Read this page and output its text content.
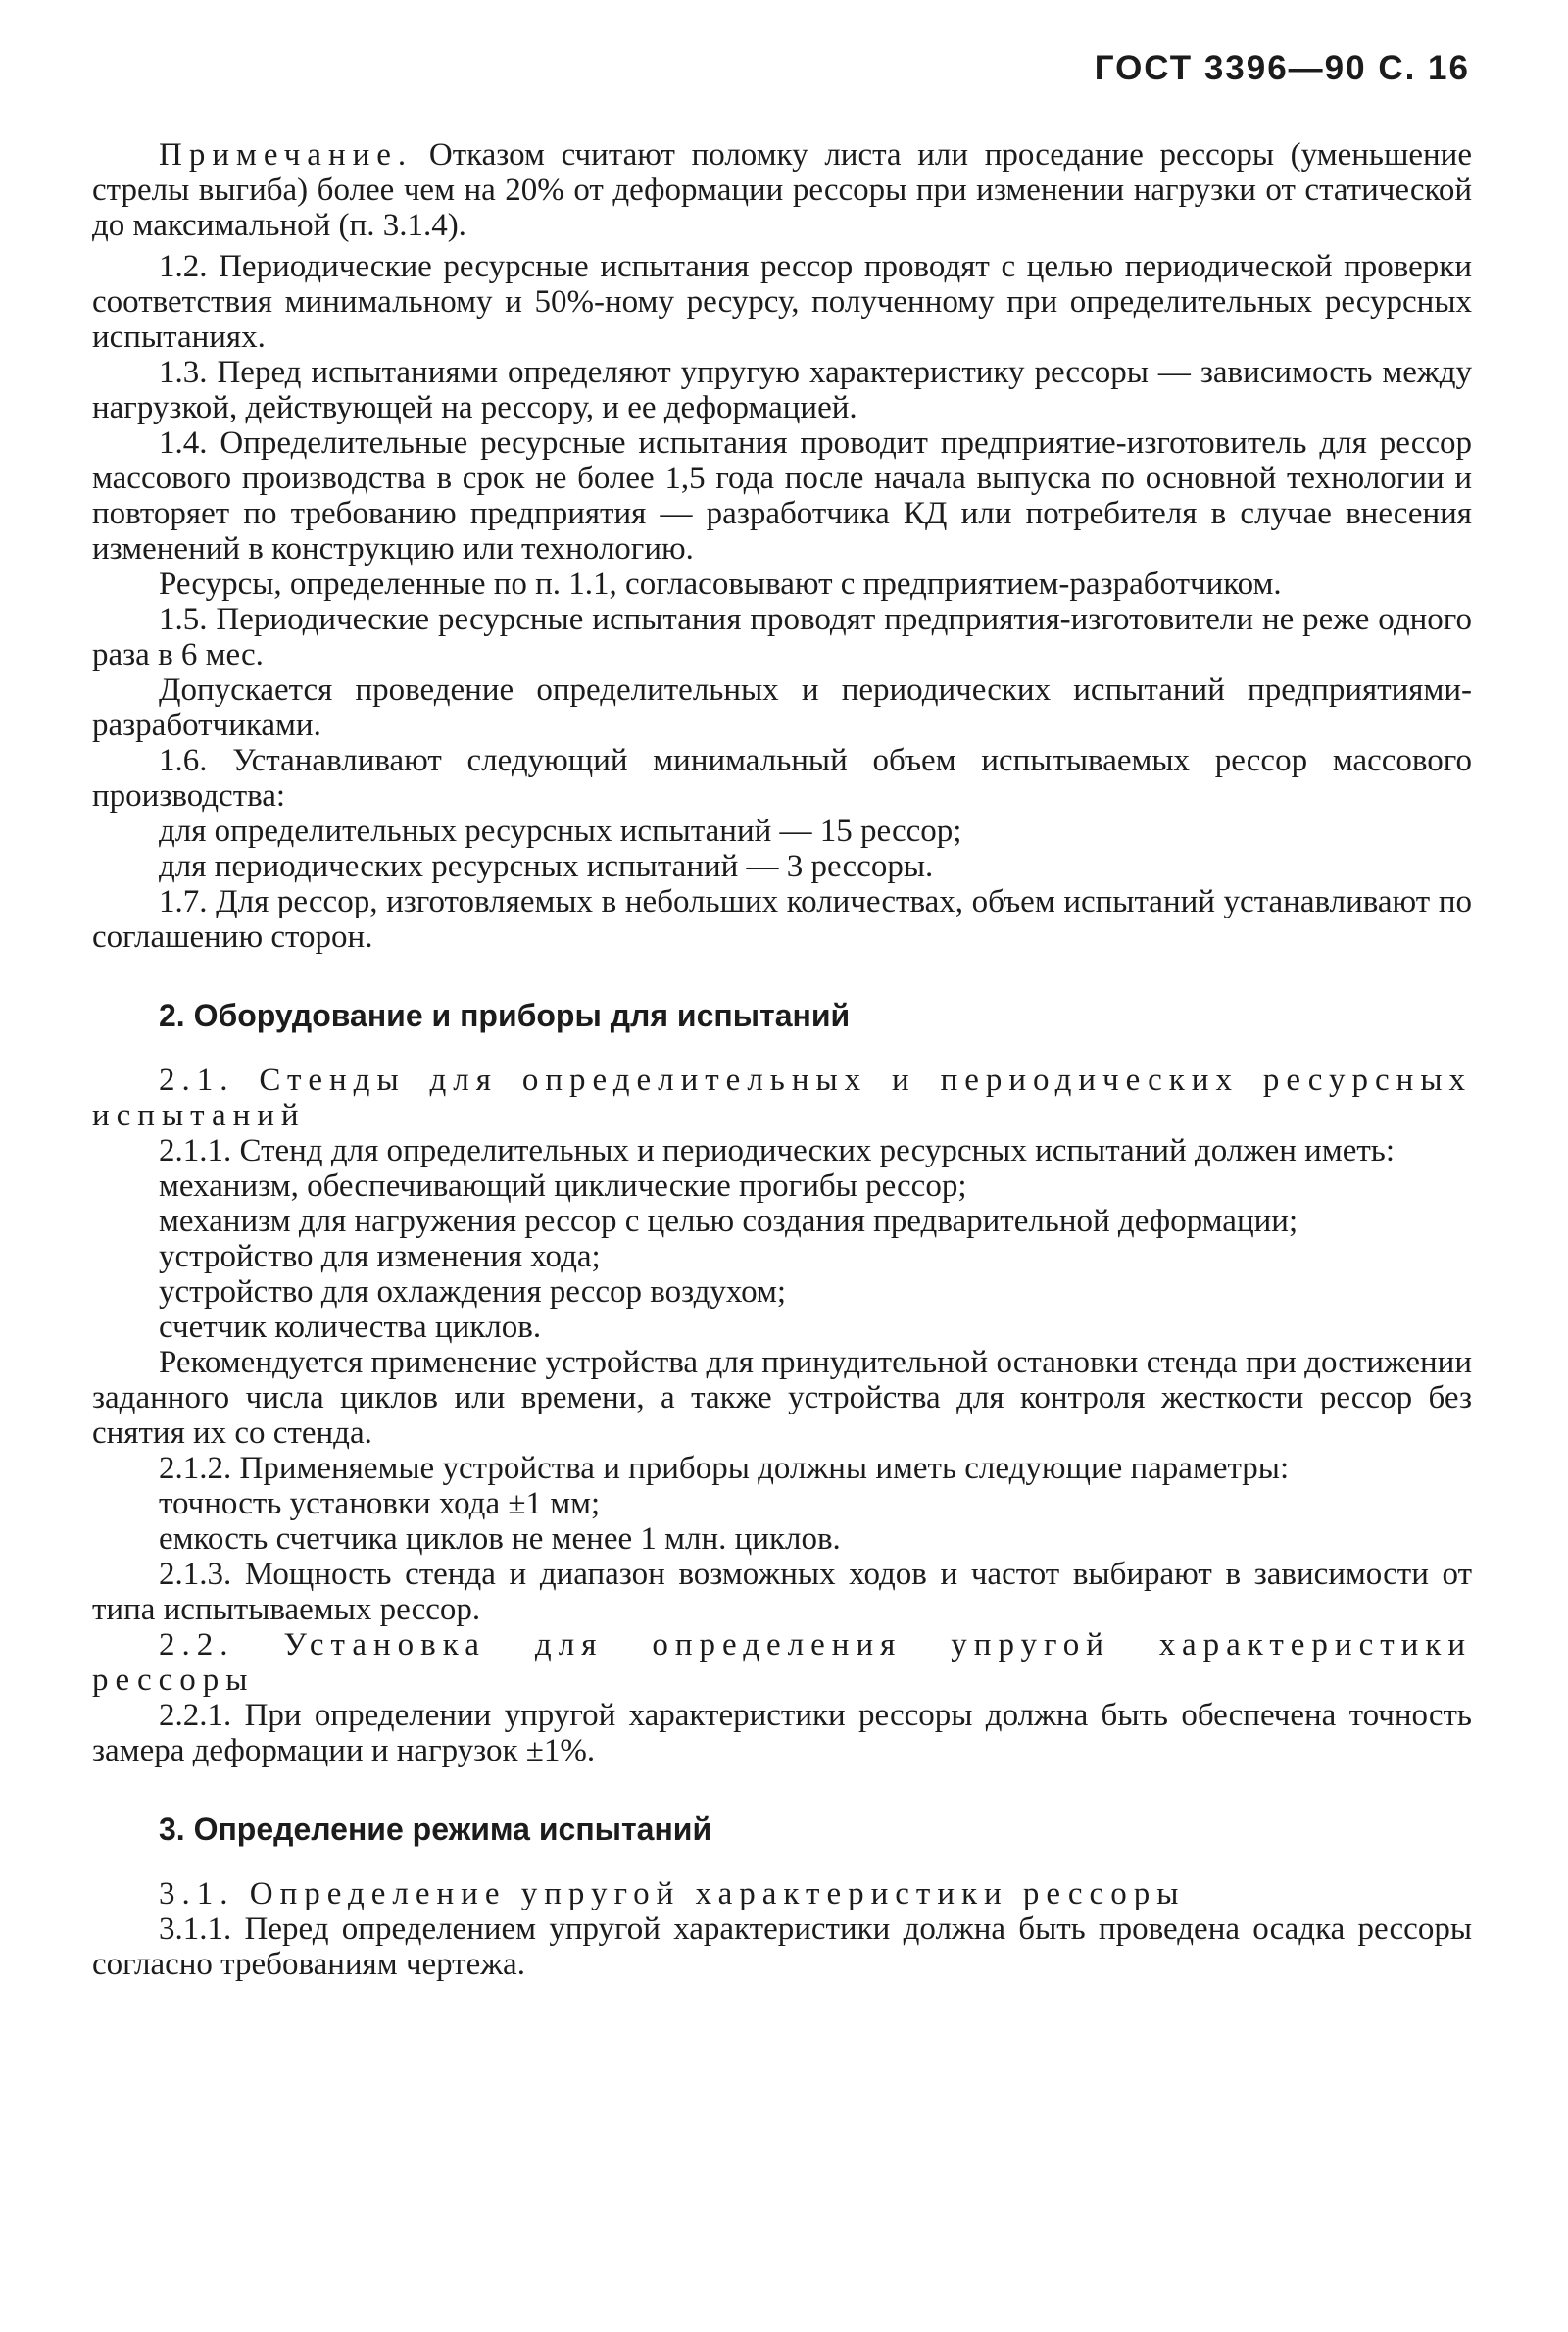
ГОСТ 3396—90 С. 16

Примечание. Отказом считают поломку листа или проседание рессоры (уменьшение стрелы выгиба) более чем на 20% от деформации рессоры при изменении нагрузки от статической до максимальной (п. 3.1.4).

1.2. Периодические ресурсные испытания рессор проводят с целью периодической проверки соответствия минимальному и 50%-ному ресурсу, полученному при определительных ресурсных испытаниях.

1.3. Перед испытаниями определяют упругую характеристику рессоры — зависимость между нагрузкой, действующей на рессору, и ее деформацией.

1.4. Определительные ресурсные испытания проводит предприятие-изготовитель для рессор массового производства в срок не более 1,5 года после начала выпуска по основной технологии и повторяет по требованию предприятия — разработчика КД или потребителя в случае внесения изменений в конструкцию или технологию.

Ресурсы, определенные по п. 1.1, согласовывают с предприятием-разработчиком.

1.5. Периодические ресурсные испытания проводят предприятия-изготовители не реже одного раза в 6 мес.

Допускается проведение определительных и периодических испытаний предприятиями-разработчиками.

1.6. Устанавливают следующий минимальный объем испытываемых рессор массового производства:

для определительных ресурсных испытаний — 15 рессор;

для периодических ресурсных испытаний — 3 рессоры.

1.7. Для рессор, изготовляемых в небольших количествах, объем испытаний устанавливают по соглашению сторон.

2. Оборудование и приборы для испытаний

2.1. Стенды для определительных и периодических ресурсных испытаний

2.1.1. Стенд для определительных и периодических ресурсных испытаний должен иметь:

механизм, обеспечивающий циклические прогибы рессор;

механизм для нагружения рессор с целью создания предварительной деформации;

устройство для изменения хода;

устройство для охлаждения рессор воздухом;

счетчик количества циклов.

Рекомендуется применение устройства для принудительной остановки стенда при достижении заданного числа циклов или времени, а также устройства для контроля жесткости рессор без снятия их со стенда.

2.1.2. Применяемые устройства и приборы должны иметь следующие параметры:

точность установки хода ±1 мм;

емкость счетчика циклов не менее 1 млн. циклов.

2.1.3. Мощность стенда и диапазон возможных ходов и частот выбирают в зависимости от типа испытываемых рессор.

2.2. Установка для определения упругой характеристики рессоры

2.2.1. При определении упругой характеристики рессоры должна быть обеспечена точность замера деформации и нагрузок ±1%.

3. Определение режима испытаний

3.1. Определение упругой характеристики рессоры

3.1.1. Перед определением упругой характеристики должна быть проведена осадка рессоры согласно требованиям чертежа.
